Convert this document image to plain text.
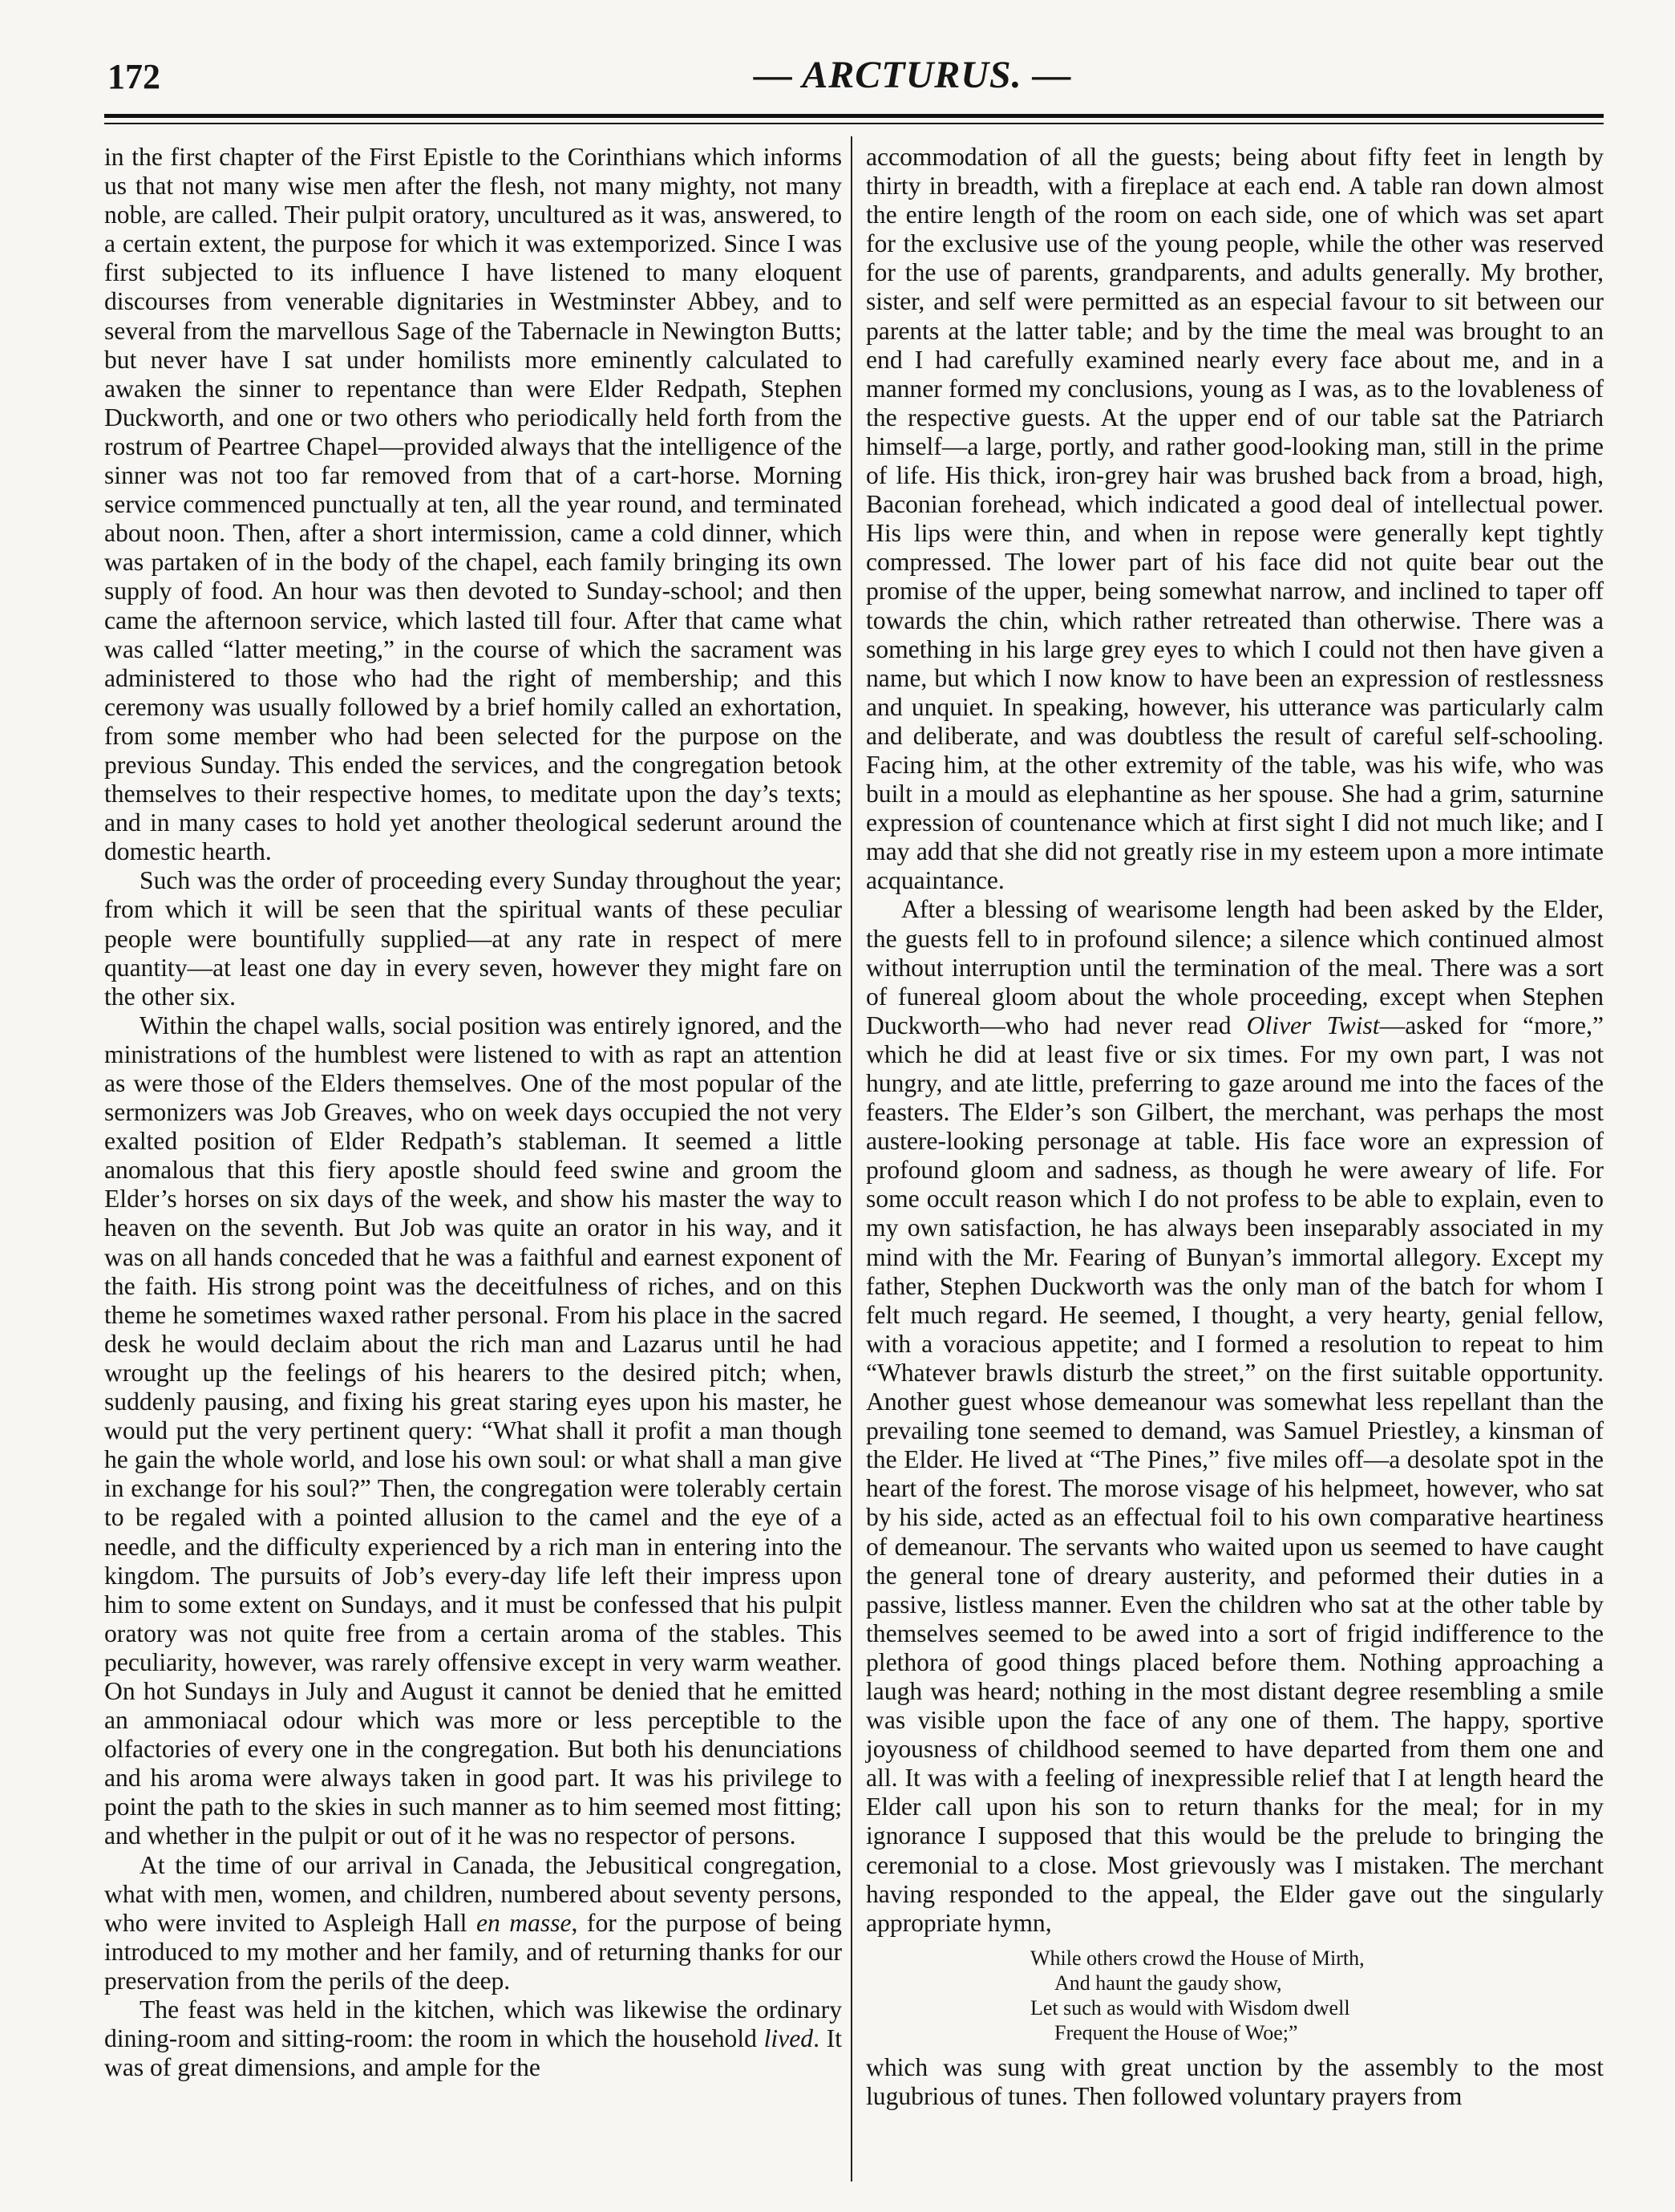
172	— ARCTURUS. —

in the first chapter of the First Epistle to the Corinthians which informs us that not many wise men after the flesh, not many mighty, not many noble, are called. Their pulpit oratory, uncultured as it was, answered, to a certain extent, the purpose for which it was extemporized. Since I was first subjected to its influence I have listened to many eloquent discourses from venerable dignitaries in Westminster Abbey, and to several from the marvellous Sage of the Tabernacle in Newington Butts; but never have I sat under homilists more eminently calculated to awaken the sinner to repentance than were Elder Redpath, Stephen Duckworth, and one or two others who periodically held forth from the rostrum of Peartree Chapel—provided always that the intelligence of the sinner was not too far removed from that of a cart-horse. Morning service commenced punctually at ten, all the year round, and terminated about noon. Then, after a short intermission, came a cold dinner, which was partaken of in the body of the chapel, each family bringing its own supply of food. An hour was then devoted to Sunday-school; and then came the afternoon service, which lasted till four. After that came what was called “latter meeting,” in the course of which the sacrament was administered to those who had the right of membership; and this ceremony was usually followed by a brief homily called an exhortation, from some member who had been selected for the purpose on the previous Sunday. This ended the services, and the congregation betook themselves to their respective homes, to meditate upon the day’s texts; and in many cases to hold yet another theological sederunt around the domestic hearth.

Such was the order of proceeding every Sunday throughout the year; from which it will be seen that the spiritual wants of these peculiar people were bountifully supplied—at any rate in respect of mere quantity—at least one day in every seven, however they might fare on the other six.

Within the chapel walls, social position was entirely ignored, and the ministrations of the humblest were listened to with as rapt an attention as were those of the Elders themselves. One of the most popular of the sermonizers was Job Greaves, who on week days occupied the not very exalted position of Elder Redpath’s stableman. It seemed a little anomalous that this fiery apostle should feed swine and groom the Elder’s horses on six days of the week, and show his master the way to heaven on the seventh. But Job was quite an orator in his way, and it was on all hands conceded that he was a faithful and earnest exponent of the faith. His strong point was the deceitfulness of riches, and on this theme he sometimes waxed rather personal. From his place in the sacred desk he would declaim about the rich man and Lazarus until he had wrought up the feelings of his hearers to the desired pitch; when, suddenly pausing, and fixing his great staring eyes upon his master, he would put the very pertinent query: “What shall it profit a man though he gain the whole world, and lose his own soul: or what shall a man give in exchange for his soul?” Then, the congregation were tolerably certain to be regaled with a pointed allusion to the camel and the eye of a needle, and the difficulty experienced by a rich man in entering into the kingdom. The pursuits of Job’s every-day life left their impress upon him to some extent on Sundays, and it must be confessed that his pulpit oratory was not quite free from a certain aroma of the stables. This peculiarity, however, was rarely offensive except in very warm weather. On hot Sundays in July and August it cannot be denied that he emitted an ammoniacal odour which was more or less perceptible to the olfactories of every one in the congregation. But both his denunciations and his aroma were always taken in good part. It was his privilege to point the path to the skies in such manner as to him seemed most fitting; and whether in the pulpit or out of it he was no respector of persons.

At the time of our arrival in Canada, the Jebusitical congregation, what with men, women, and children, numbered about seventy persons, who were invited to Aspleigh Hall en masse, for the purpose of being introduced to my mother and her family, and of returning thanks for our preservation from the perils of the deep.

The feast was held in the kitchen, which was likewise the ordinary dining-room and sitting-room: the room in which the household lived. It was of great dimensions, and ample for the

accommodation of all the guests; being about fifty feet in length by thirty in breadth, with a fireplace at each end. A table ran down almost the entire length of the room on each side, one of which was set apart for the exclusive use of the young people, while the other was reserved for the use of parents, grandparents, and adults generally. My brother, sister, and self were permitted as an especial favour to sit between our parents at the latter table; and by the time the meal was brought to an end I had carefully examined nearly every face about me, and in a manner formed my conclusions, young as I was, as to the lovableness of the respective guests. At the upper end of our table sat the Patriarch himself—a large, portly, and rather good-looking man, still in the prime of life. His thick, iron-grey hair was brushed back from a broad, high, Baconian forehead, which indicated a good deal of intellectual power. His lips were thin, and when in repose were generally kept tightly compressed. The lower part of his face did not quite bear out the promise of the upper, being somewhat narrow, and inclined to taper off towards the chin, which rather retreated than otherwise. There was a something in his large grey eyes to which I could not then have given a name, but which I now know to have been an expression of restlessness and unquiet. In speaking, however, his utterance was particularly calm and deliberate, and was doubtless the result of careful self-schooling. Facing him, at the other extremity of the table, was his wife, who was built in a mould as elephantine as her spouse. She had a grim, saturnine expression of countenance which at first sight I did not much like; and I may add that she did not greatly rise in my esteem upon a more intimate acquaintance.

After a blessing of wearisome length had been asked by the Elder, the guests fell to in profound silence; a silence which continued almost without interruption until the termination of the meal. There was a sort of funereal gloom about the whole proceeding, except when Stephen Duckworth—who had never read Oliver Twist—asked for “more,” which he did at least five or six times. For my own part, I was not hungry, and ate little, preferring to gaze around me into the faces of the feasters. The Elder’s son Gilbert, the merchant, was perhaps the most austere-looking personage at table. His face wore an expression of profound gloom and sadness, as though he were aweary of life. For some occult reason which I do not profess to be able to explain, even to my own satisfaction, he has always been inseparably associated in my mind with the Mr. Fearing of Bunyan’s immortal allegory. Except my father, Stephen Duckworth was the only man of the batch for whom I felt much regard. He seemed, I thought, a very hearty, genial fellow, with a voracious appetite; and I formed a resolution to repeat to him “Whatever brawls disturb the street,” on the first suitable opportunity. Another guest whose demeanour was somewhat less repellant than the prevailing tone seemed to demand, was Samuel Priestley, a kinsman of the Elder. He lived at “The Pines,” five miles off—a desolate spot in the heart of the forest. The morose visage of his helpmeet, however, who sat by his side, acted as an effectual foil to his own comparative heartiness of demeanour. The servants who waited upon us seemed to have caught the general tone of dreary austerity, and peformed their duties in a passive, listless manner. Even the children who sat at the other table by themselves seemed to be awed into a sort of frigid indifference to the plethora of good things placed before them. Nothing approaching a laugh was heard; nothing in the most distant degree resembling a smile was visible upon the face of any one of them. The happy, sportive joyousness of childhood seemed to have departed from them one and all. It was with a feeling of inexpressible relief that I at length heard the Elder call upon his son to return thanks for the meal; for in my ignorance I supposed that this would be the prelude to bringing the ceremonial to a close. Most grievously was I mistaken. The merchant having responded to the appeal, the Elder gave out the singularly appropriate hymn,

While others crowd the House of Mirth,
And haunt the gaudy show,
Let such as would with Wisdom dwell
Frequent the House of Woe;”

which was sung with great unction by the assembly to the most lugubrious of tunes. Then followed voluntary prayers from
